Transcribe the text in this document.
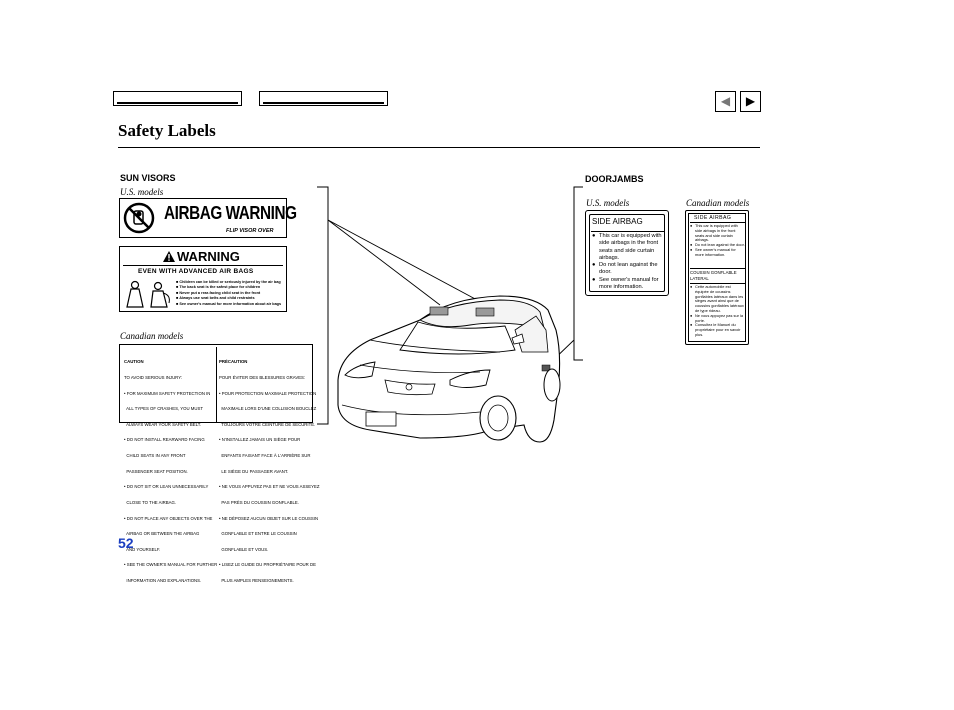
◀	▶
Safety Labels
SUN VISORS
U.S. models
AIRBAG WARNING
FLIP VISOR OVER
WARNING
EVEN WITH ADVANCED AIR BAGS
■ Children can be killed or seriously injured by the air bag
■ The back seat is the safest place for children
■ Never put a rear-facing child seat in the front
■ Always use seat belts and child restraints
■ See owner's manual for more information about air bags
Canadian models

CAUTION

TO AVOID SERIOUS INJURY:

• FOR MAXIMUM SAFETY PROTECTION IN

ALL TYPES OF CRASHES, YOU MUST

ALWAYS WEAR YOUR SAFETY BELT.

• DO NOT INSTALL REARWARD FACING

CHILD SEATS IN ANY FRONT

PASSENGER SEAT POSITION.

• DO NOT SIT OR LEAN UNNECESSARILY

CLOSE TO THE AIRBAG.

• DO NOT PLACE ANY OBJECTS OVER THE

AIRBAG OR BETWEEN THE AIRBAG

AND YOURSELF.

• SEE THE OWNER'S MANUAL FOR FURTHER

INFORMATION AND EXPLANATIONS.

PRÉCAUTION

POUR ÉVITER DES BLESSURES GRAVES:

• POUR PROTECTION MAXIMALE PROTECTION

MAXIMALE LORS D'UNE COLLISION BOUCLEZ

TOUJOURS VOTRE CEINTURE DE SÉCURITÉ.

• N'INSTALLEZ JAMAIS UN SIÈGE POUR

ENFANTS FAISANT FACE À L'ARRIÈRE SUR

LE SIÈGE DU PASSAGER AVANT.

• NE VOUS APPUYEZ PAS ET NE VOUS ASSEYEZ

PAS PRÈS DU COUSSIN GONFLABLE.

• NE DÉPOSEZ AUCUN OBJET SUR LE COUSSIN

GONFLABLE ET ENTRE LE COUSSIN

GONFLABLE ET VOUS.

• LISEZ LE GUIDE DU PROPRIÉTAIRE POUR DE

PLUS AMPLES RENSEIGNEMENTS.

DOORJAMBS
U.S. models	Canadian models
SIDE AIRBAG
● This car is equipped with side airbags in the front seats and side curtain airbags.
● Do not lean against the door.
● See owner's manual for more information.
SIDE AIRBAG
● This car is equipped with side airbags in the front seats and side curtain airbags.
● Do not lean against the door.
● See owner's manual for more information.
COUSSIN GONFLABLE LATERAL
● Cette automobile est équipée de coussins gonflables latéraux dans les sièges avant ainsi que de coussins gonflables latéraux de type rideau.
● Ne vous appuyez pas sur la porte.
● Consultez le Manuel du propriétaire pour en savoir plus.
52
